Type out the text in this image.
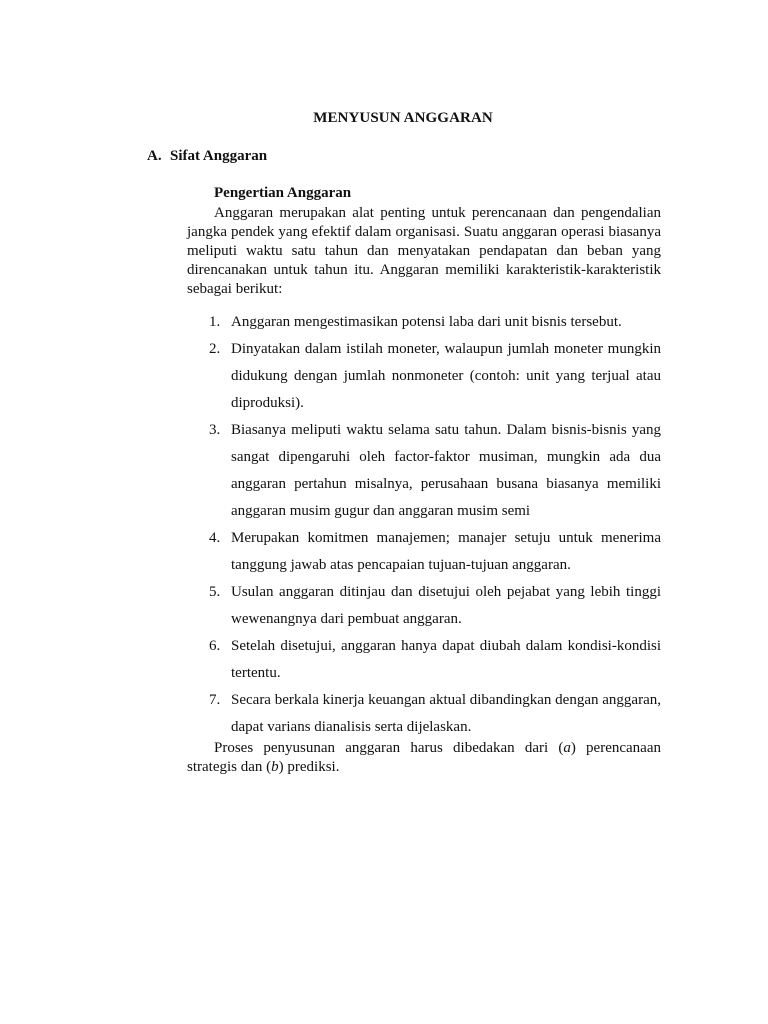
MENYUSUN ANGGARAN
A. Sifat Anggaran
Pengertian Anggaran
Anggaran merupakan alat penting untuk perencanaan dan pengendalian jangka pendek yang efektif dalam organisasi. Suatu anggaran operasi biasanya meliputi waktu satu tahun dan menyatakan pendapatan dan beban yang direncanakan untuk tahun itu. Anggaran memiliki karakteristik-karakteristik sebagai berikut:
1. Anggaran mengestimasikan potensi laba dari unit bisnis tersebut.
2. Dinyatakan dalam istilah moneter, walaupun jumlah moneter mungkin didukung dengan jumlah nonmoneter (contoh: unit yang terjual atau diproduksi).
3. Biasanya meliputi waktu selama satu tahun. Dalam bisnis-bisnis yang sangat dipengaruhi oleh factor-faktor musiman, mungkin ada dua anggaran pertahun misalnya, perusahaan busana biasanya memiliki anggaran musim gugur dan anggaran musim semi
4. Merupakan komitmen manajemen; manajer setuju untuk menerima tanggung jawab atas pencapaian tujuan-tujuan anggaran.
5. Usulan anggaran ditinjau dan disetujui oleh pejabat yang lebih tinggi wewenangnya dari pembuat anggaran.
6. Setelah disetujui, anggaran hanya dapat diubah dalam kondisi-kondisi tertentu.
7. Secara berkala kinerja keuangan aktual dibandingkan dengan anggaran, dapat varians dianalisis serta dijelaskan.
Proses penyusunan anggaran harus dibedakan dari (a) perencanaan strategis dan (b) prediksi.
